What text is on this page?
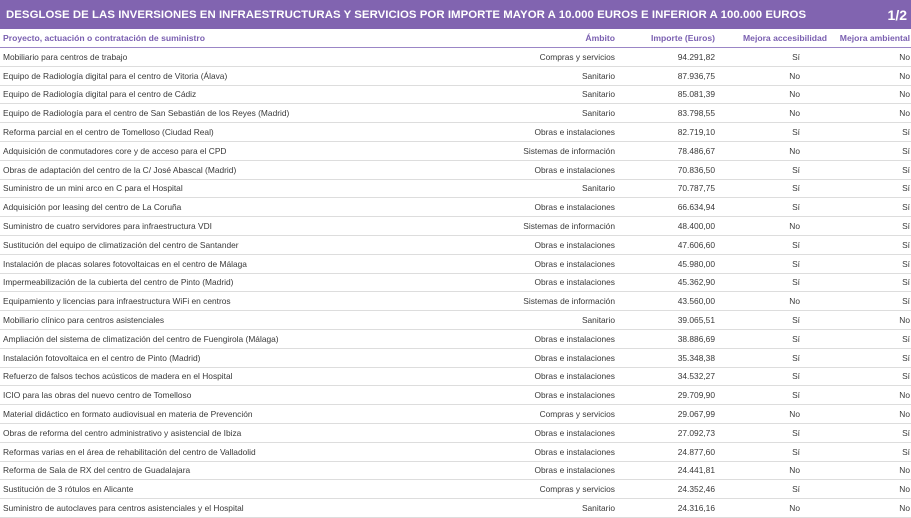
DESGLOSE DE LAS INVERSIONES EN INFRAESTRUCTURAS Y SERVICIOS POR IMPORTE MAYOR A 10.000 EUROS E INFERIOR A 100.000 EUROS	1/2
Proyecto, actuación o contratación de suministro	Ámbito	Importe (Euros)	Mejora accesibilidad	Mejora ambiental
Mobiliario para centros de trabajo	Compras y servicios	94.291,82	Sí	No
Equipo de Radiología digital para el centro de Vitoria (Álava)	Sanitario	87.936,75	No	No
Equipo de Radiología digital para el centro de Cádiz	Sanitario	85.081,39	No	No
Equipo de Radiología para el centro de San Sebastián de los Reyes (Madrid)	Sanitario	83.798,55	No	No
Reforma parcial en el centro de Tomelloso (Ciudad Real)	Obras e instalaciones	82.719,10	Sí	Sí
Adquisición de conmutadores core y de acceso para el CPD	Sistemas de información	78.486,67	No	Sí
Obras de adaptación del centro de la C/ José Abascal (Madrid)	Obras e instalaciones	70.836,50	Sí	Sí
Suministro de un mini arco en C para el Hospital	Sanitario	70.787,75	Sí	Sí
Adquisición por leasing del centro de La Coruña	Obras e instalaciones	66.634,94	Sí	Sí
Suministro de cuatro servidores para infraestructura VDI	Sistemas de información	48.400,00	No	Sí
Sustitución del equipo de climatización del centro de Santander	Obras e instalaciones	47.606,60	Sí	Sí
Instalación de placas solares fotovoltaicas en el centro de Málaga	Obras e instalaciones	45.980,00	Sí	Sí
Impermeabilización de la cubierta del centro de Pinto (Madrid)	Obras e instalaciones	45.362,90	Sí	Sí
Equipamiento y licencias para infraestructura WiFi en centros	Sistemas de información	43.560,00	No	Sí
Mobiliario clínico para centros asistenciales	Sanitario	39.065,51	Sí	No
Ampliación del sistema de climatización del centro de Fuengirola (Málaga)	Obras e instalaciones	38.886,69	Sí	Sí
Instalación fotovoltaica en el centro de Pinto (Madrid)	Obras e instalaciones	35.348,38	Sí	Sí
Refuerzo de falsos techos acústicos de madera en el Hospital	Obras e instalaciones	34.532,27	Sí	Sí
ICIO para las obras del nuevo centro de Tomelloso	Obras e instalaciones	29.709,90	Sí	No
Material didáctico en formato audiovisual en materia de Prevención	Compras y servicios	29.067,99	No	No
Obras de reforma del centro administrativo y asistencial de Ibiza	Obras e instalaciones	27.092,73	Sí	Sí
Reformas varias en el área de rehabilitación del centro de Valladolid	Obras e instalaciones	24.877,60	Sí	Sí
Reforma de Sala de RX del centro de Guadalajara	Obras e instalaciones	24.441,81	No	No
Sustitución de 3 rótulos en Alicante	Compras y servicios	24.352,46	Sí	No
Suministro de autoclaves para centros asistenciales y el Hospital	Sanitario	24.316,16	No	No
